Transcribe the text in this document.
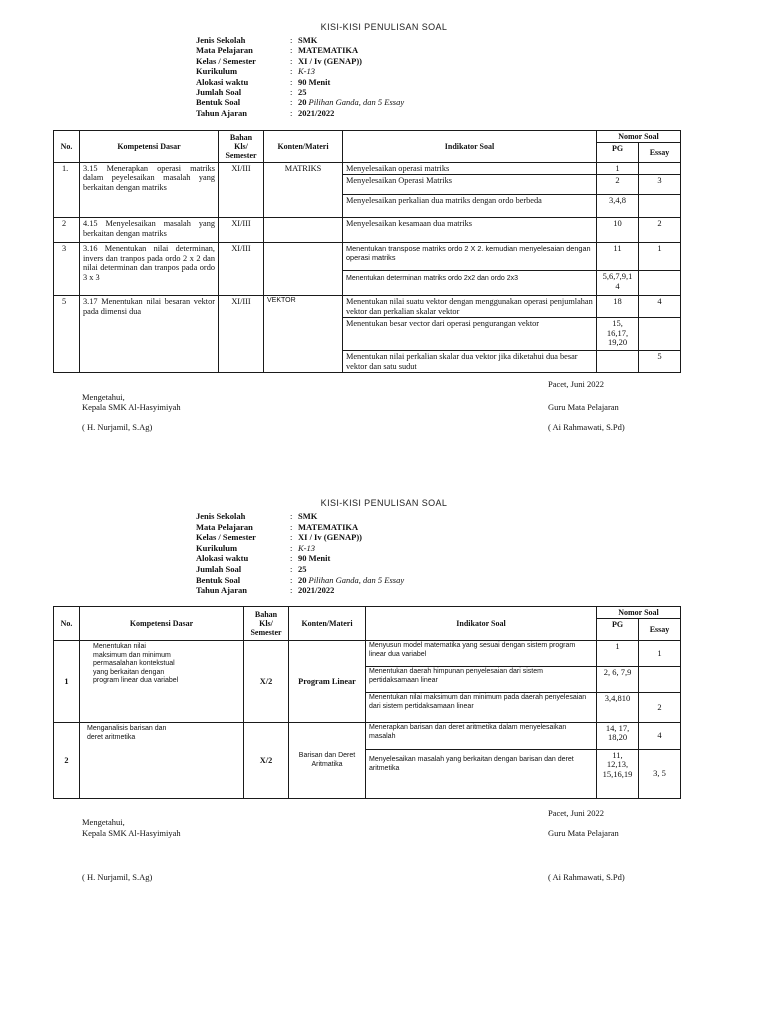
KISI-KISI PENULISAN SOAL
Jenis Sekolah	: SMK
Mata Pelajaran	: MATEMATIKA
Kelas / Semester	: XI / Iv (GENAP))
Kurikulum	: K-13
Alokasi waktu	: 90 Menit
Jumlah Soal	: 25
Bentuk Soal	: 20 Pilihan Ganda, dan 5 Essay
Tahun Ajaran	: 2021/2022
No.	Kompetensi Dasar	Bahan
Kls/
Semester	Konten/Materi	Indikator Soal	Nomor Soal	
					PG	Essay
1.	3.15 Menerapkan operasi matriks dalam peyelesaikan masalah yang berkaitan dengan matriks	XI/III	MATRIKS	Menyelesaikan operasi matriks	1	
				Menyelesaikan Operasi Matriks	2	3
				Menyelesaikan perkalian dua matriks dengan ordo berbeda	3,4,8	
2	4.15 Menyelesaikan masalah yang berkaitan dengan matriks	XI/III		Menyelesaikan kesamaan dua matriks	10	2
3	3.16 Menentukan nilai determinan, invers dan tranpos pada ordo 2 x 2 dan nilai determinan dan tranpos pada ordo 3 x 3	XI/III		Menentukan transpose matriks ordo 2 X 2. kemudian menyelesaian dengan operasi matriks	11	1
				Menentukan determinan matriks ordo 2x2 dan ordo 2x3	5,6,7,9,1 4	
5	3.17 Menentukan nilai besaran vektor pada dimensi dua	XI/III	VEKTOR	Menentukan nilai suatu vektor dengan menggunakan operasi penjumlahan vektor dan perkalian skalar vektor	18	4
				Menentukan besar vector dari operasi pengurangan vektor	15, 16,17, 19,20	
				Menentukan nilai perkalian skalar dua vektor jika diketahui dua besar vektor dan satu sudut		5
Pacet, Juni 2022
Mengetahui,
Kepala SMK Al-Hasyimiyah	Guru Mata Pelajaran
( H. Nurjamil, S.Ag)	( Ai Rahmawati, S.Pd)
KISI-KISI PENULISAN SOAL
Jenis Sekolah	: SMK
Mata Pelajaran	: MATEMATIKA
Kelas / Semester	: XI / Iv (GENAP))
Kurikulum	: K-13
Alokasi waktu	: 90 Menit
Jumlah Soal	: 25
Bentuk Soal	: 20 Pilihan Ganda, dan 5 Essay
Tahun Ajaran	: 2021/2022
No.	Kompetensi Dasar	Bahan
Kls/
Semester	Konten/Materi	Indikator Soal	Nomor Soal	
					PG	Essay
1	Menentukan nilai maksimum dan minimum permasalahan kontekstual yang berkaitan dengan program linear dua variabel	X/2	Program Linear	Menyusun model matematika yang sesuai dengan sistem program linear dua variabel	1	1
				Menentukan daerah himpunan penyelesaian dari sistem pertidaksamaan linear	2, 6, 7,9	
				Menentukan nilai maksimum dan minimum pada daerah penyelesaian dari sistem pertidaksamaan linear	3,4,810	2
2	Menganalisis barisan dan deret aritmetika	X/2	Barisan dan Deret Aritmatika	Menerapkan barisan dan deret aritmetika dalam menyelesaikan masalah	14, 17, 18,20	4
				Menyelesaikan masalah yang berkaitan dengan barisan dan deret aritmetika	11, 12,13, 15,16,19	3, 5
Pacet, Juni 2022
Mengetahui,
Kepala SMK Al-Hasyimiyah	Guru Mata Pelajaran
( H. Nurjamil, S.Ag)	( Ai Rahmawati, S.Pd)
